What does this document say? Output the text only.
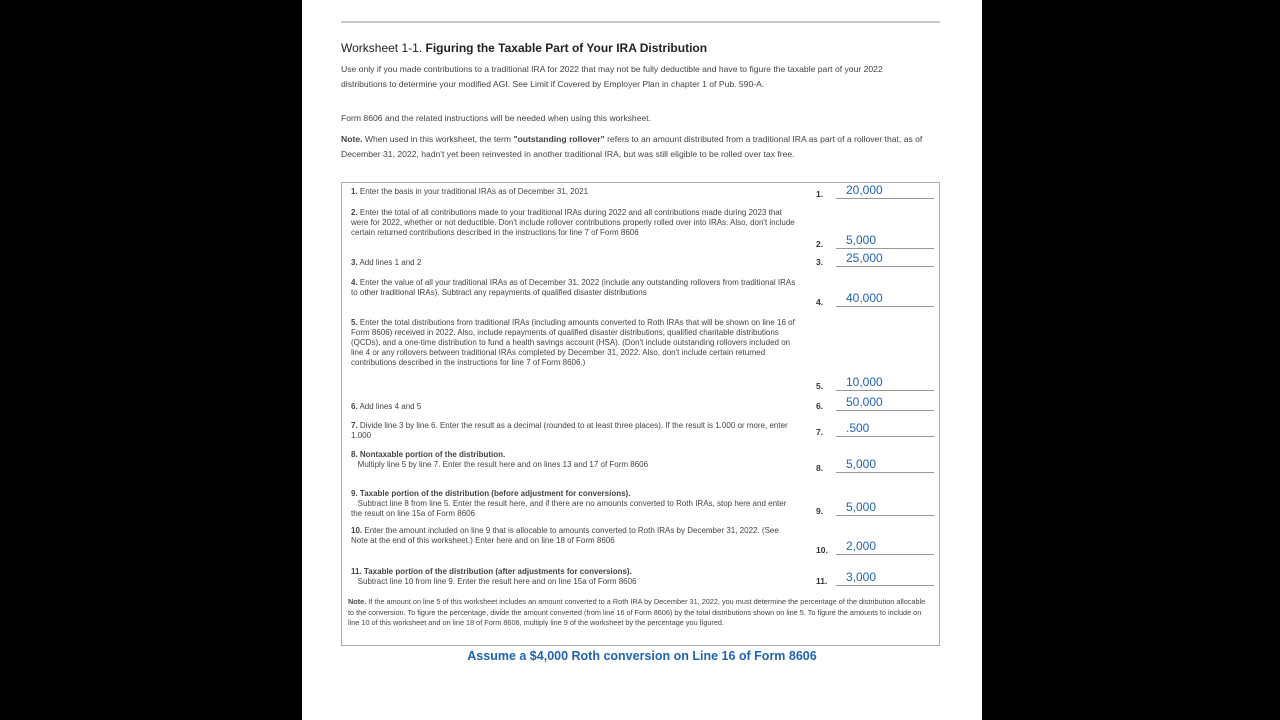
Worksheet 1-1. Figuring the Taxable Part of Your IRA Distribution
Use only if you made contributions to a traditional IRA for 2022 that may not be fully deductible and have to figure the taxable part of your 2022 distributions to determine your modified AGI. See Limit if Covered by Employer Plan in chapter 1 of Pub. 590-A.
Form 8606 and the related instructions will be needed when using this worksheet.
Note. When used in this worksheet, the term "outstanding rollover" refers to an amount distributed from a traditional IRA as part of a rollover that, as of December 31, 2022, hadn't yet been reinvested in another traditional IRA, but was still eligible to be rolled over tax free.
Note. If the amount on line 5 of this worksheet includes an amount converted to a Roth IRA by December 31, 2022, you must determine the percentage of the distribution allocable to the conversion. To figure the percentage, divide the amount converted (from line 16 of Form 8606) by the total distributions shown on line 5. To figure the amounts to include on line 10 of this worksheet and on line 18 of Form 8606, multiply line 9 of the worksheet by the percentage you figured.
1. Enter the basis in your traditional IRAs as of December 31, 2021	1.	20,000
2. Enter the total of all contributions made to your traditional IRAs during 2022 and all contributions made during 2023 that were for 2022, whether or not deductible. Don't include rollover contributions properly rolled over into IRAs. Also, don't include certain returned contributions described in the instructions for line 7 of Form 8606
2.	5,000
3. Add lines 1 and 2	3.	25,000
4. Enter the value of all your traditional IRAs as of December 31, 2022 (include any outstanding rollovers from traditional IRAs to other traditional IRAs). Subtract any repayments of qualified disaster distributions
4.	40,000
5. Enter the total distributions from traditional IRAs (including amounts converted to Roth IRAs that will be shown on line 16 of Form 8606) received in 2022. Also, include repayments of qualified disaster distributions, qualified charitable distributions (QCDs), and a one-time distribution to fund a health savings account (HSA). (Don't include outstanding rollovers included on line 4 or any rollovers between traditional IRAs completed by December 31, 2022. Also, don't include certain returned contributions described in the instructions for line 7 of Form 8606.)
5.	10,000
6. Add lines 4 and 5	6.	50,000
7. Divide line 3 by line 6. Enter the result as a decimal (rounded to at least three places). If the result is 1.000 or more, enter 1.000	7.	.500
8. Nontaxable portion of the distribution.
Multiply line 5 by line 7. Enter the result here and on lines 13 and 17 of Form 8606	8.	5,000
9. Taxable portion of the distribution (before adjustment for conversions).
Subtract line 8 from line 5. Enter the result here, and if there are no amounts converted to Roth IRAs, stop here and enter the result on line 15a of Form 8606	9.	5,000
10. Enter the amount included on line 9 that is allocable to amounts converted to Roth IRAs by December 31, 2022. (See Note at the end of this worksheet.) Enter here and on line 18 of Form 8606
10.	2,000
11. Taxable portion of the distribution (after adjustments for conversions).
Subtract line 10 from line 9. Enter the result here and on line 15a of Form 8606	11.	3,000
Assume a $4,000 Roth conversion on Line 16 of Form 8606
